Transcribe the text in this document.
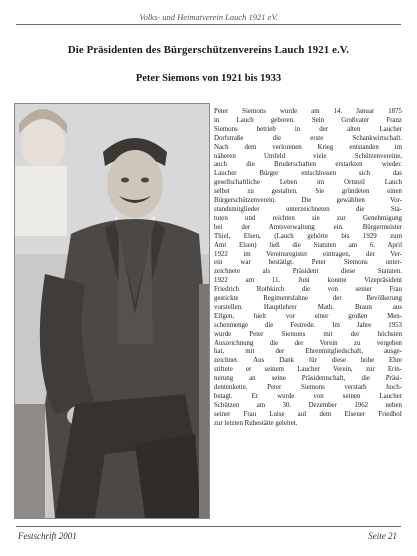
Volks- und Heimatverein Lauch 1921 eV.
Die Präsidenten des Bürgerschützenvereins Lauch 1921 e.V.
Peter Siemons von 1921 bis 1933
Peter Siemons wurde am 14. Januar 1875
in Lauch geboren. Sein Großvater Franz
Siemons betrieb in der alten Laucher
Dorfstraße die erste Schankwirtschaft.
Nach dem verlorenen Krieg entstanden im
näheren Umfeld viele Schützenvereine,
auch die Bruderschaften erstarkten wieder.
Laucher Bürger entschlossen sich das
gesellschaftliche Leben im Ortsteil Lauch
selbst zu gestalten. Sie gründeten einen
Bürgerschützenverein. Die gewählten Vor-
standsmitglieder unterzeichneten die Sta-
tuten und reichten sie zur Genehmigung
bei der Amtsverwaltung ein. Bürgermeister
Thiel, Elsen, (Lauch gehörte bis 1929 zum
Amt Elsen) ließ die Statuten am 6. April
1922 im Vereinsregister eintragen, der Ver-
ein war bestätigt. Peter Siemons unter-
zeichnete als Präsident diese Statuten.
1922 am 11. Juni konnte Vizepräsident
Friedrich Rothkirch die von seiner Frau
gestickte Regimentsfahne der Bevölkerung
vorstellen. Hauptlehrer Math. Braun aus
Elfgen, hielt vor einer großen Men-
schenmenge die Festrede. Im Jahre 1953
wurde Peter Siemons mit der höchsten
Auszeichnung die der Verein zu vergeben
hat, mit der Ehrenmitgliedschaft, ausge-
zeichnet. Aus Dank für diese hohe Ehre
stiftete er seinem Laucher Verein, zur Erin-
nerung an seine Präsidentschaft, die Präsi-
dentenkette. Peter Siemons verstarb hoch-
betagt. Er wurde von seinen Laucher
Schützen am 30. Dezember 1962 neben
seiner Frau Luise auf dem Elsener Friedhof
zur letzten Ruhestätte geleitet.
Festschrift 2001	Seite 21
